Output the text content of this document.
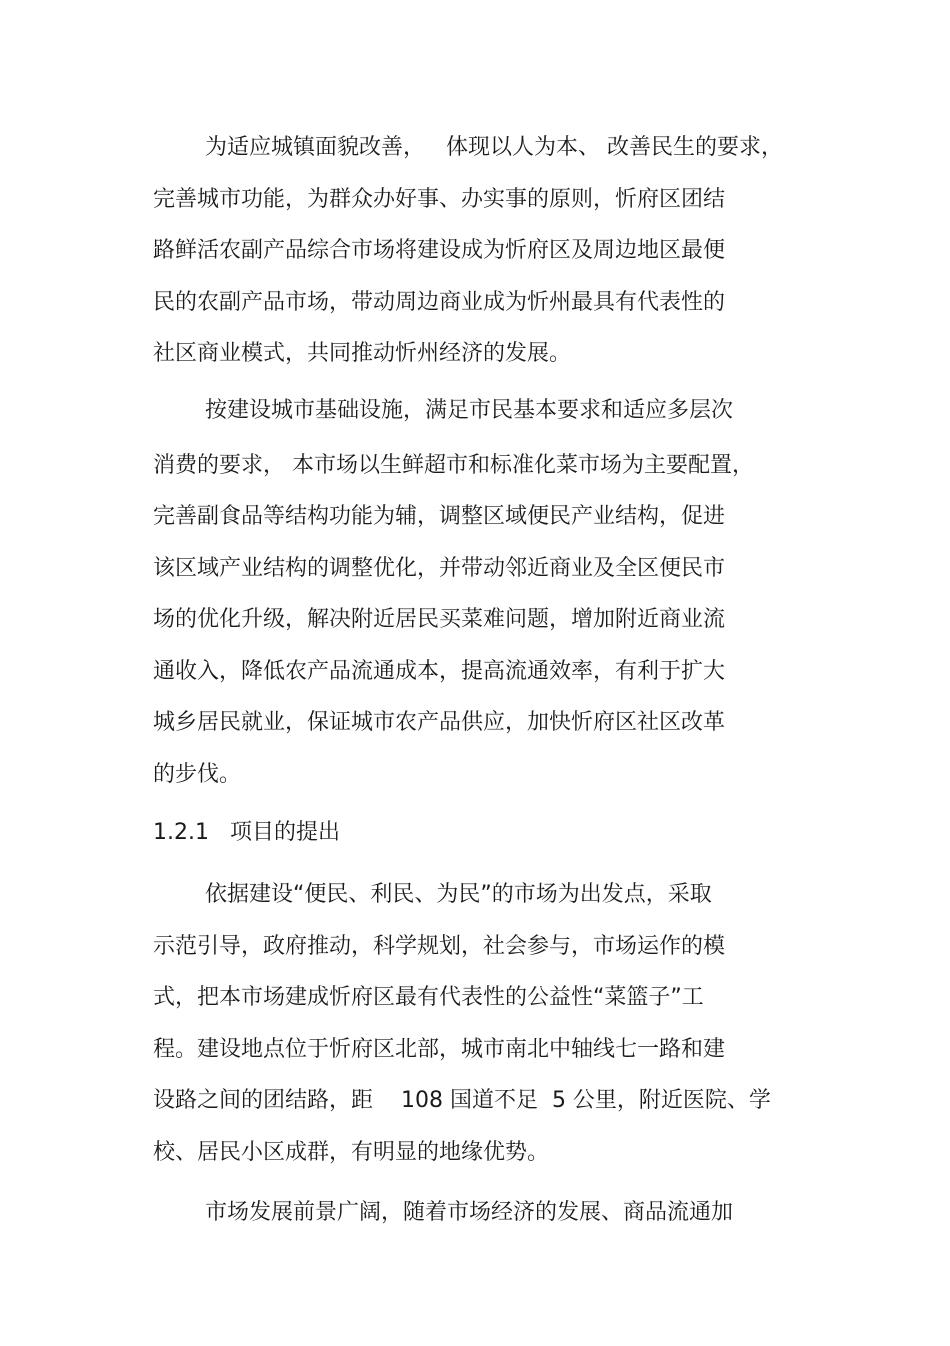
为适应城镇面貌改善，   体现以人为本、 改善民生的要求，
完善城市功能，为群众办好事、办实事的原则，忻府区团结
路鲜活农副产品综合市场将建设成为忻府区及周边地区最便
民的农副产品市场，带动周边商业成为忻州最具有代表性的
社区商业模式，共同推动忻州经济的发展。
按建设城市基础设施，满足市民基本要求和适应多层次
消费的要求， 本市场以生鲜超市和标准化菜市场为主要配置，
完善副食品等结构功能为辅，调整区域便民产业结构，促进
该区域产业结构的调整优化，并带动邻近商业及全区便民市
场的优化升级，解决附近居民买菜难问题，增加附近商业流
通收入，降低农产品流通成本，提高流通效率，有利于扩大
城乡居民就业，保证城市农产品供应，加快忻府区社区改革
的步伐。
1.2.1   项目的提出
依据建设“便民、利民、为民”的市场为出发点，采取
示范引导，政府推动，科学规划，社会参与，市场运作的模
式，把本市场建成忻府区最有代表性的公益性“菜篮子”工
程。建设地点位于忻府区北部，城市南北中轴线七一路和建
设路之间的团结路，距    108 国道不足  5 公里，附近医院、学
校、居民小区成群，有明显的地缘优势。
市场发展前景广阔，随着市场经济的发展、商品流通加
